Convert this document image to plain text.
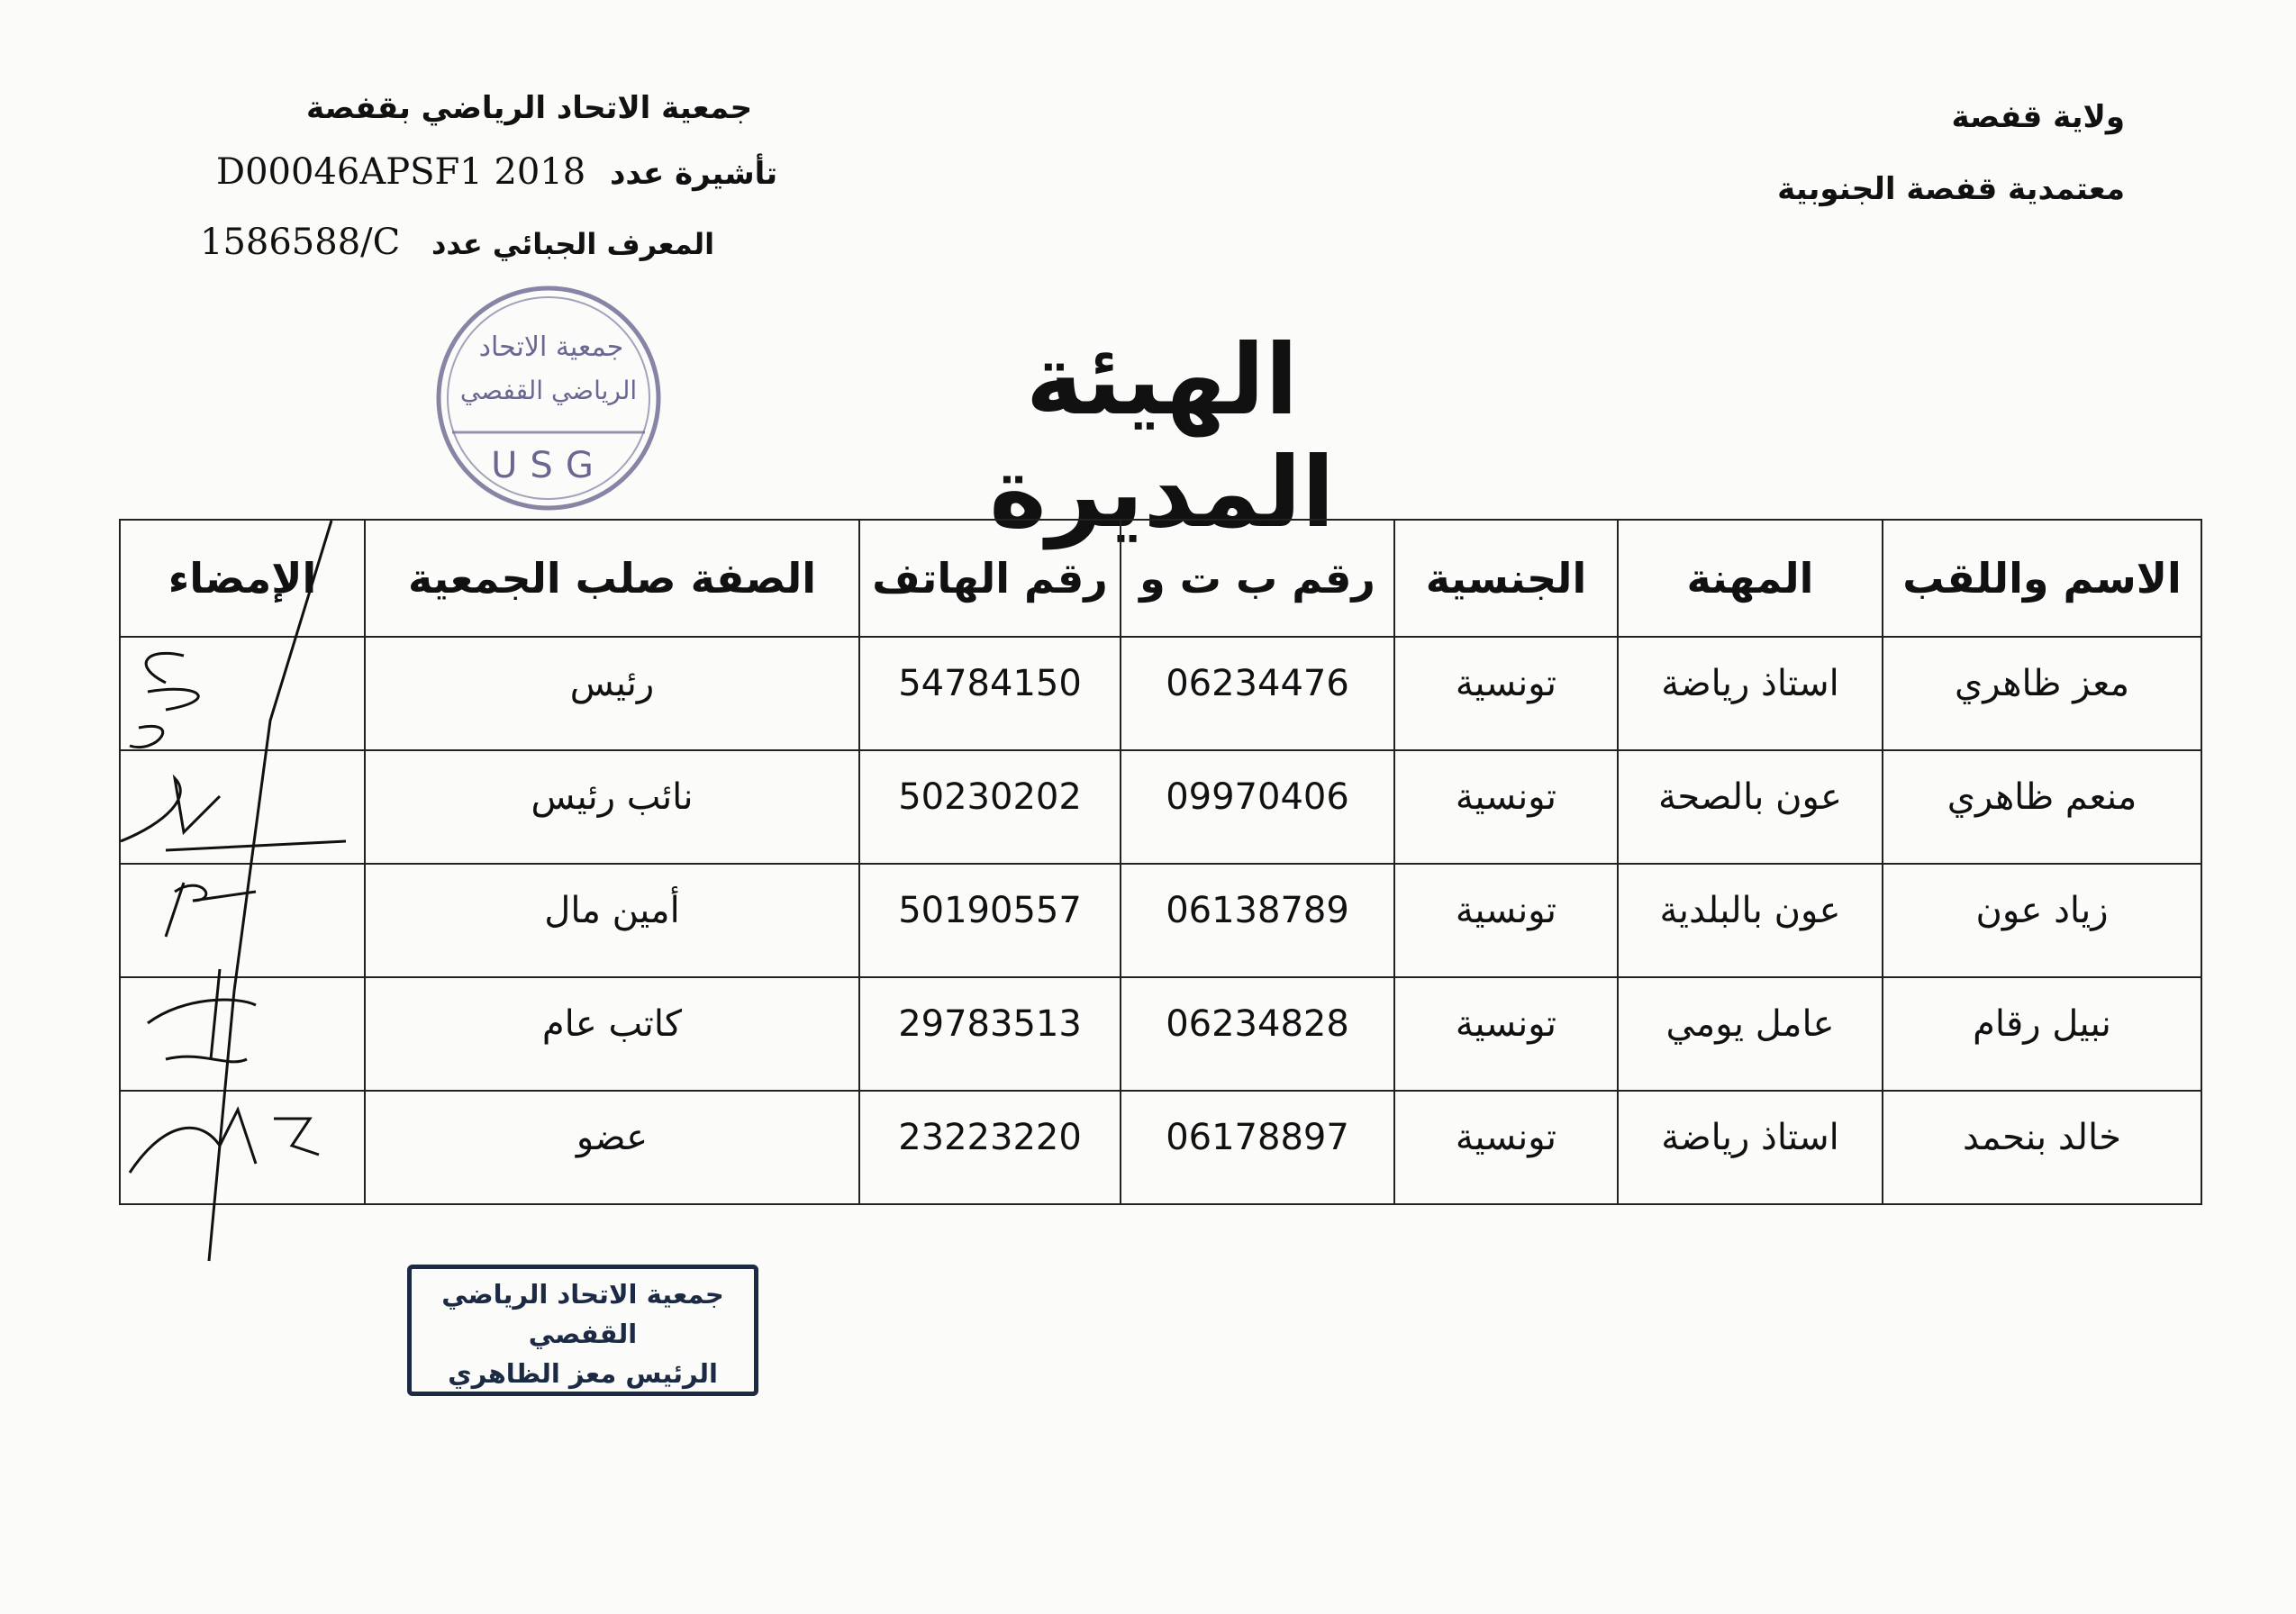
جمعية الاتحاد الرياضي بقفصة
D00046APSF1 2018 تأشيرة عدد
1586588/C المعرف الجبائي عدد
ولاية قفصة
معتمدية قفصة الجنوبية
جمعية الاتحاد
الرياضي القفصي
USG
الهيئة المديرة
الاسم واللقب	المهنة	الجنسية	رقم ب ت و	رقم الهاتف	الصفة صلب الجمعية	الإمضاء
معز ظاهري	استاذ رياضة	تونسية	06234476	54784150	رئيس	

منعم ظاهري	عون بالصحة	تونسية	09970406	50230202	نائب رئيس	

زياد عون	عون بالبلدية	تونسية	06138789	50190557	أمين مال	

نبيل رقام	عامل يومي	تونسية	06234828	29783513	كاتب عام	

خالد بنحمد	استاذ رياضة	تونسية	06178897	23223220	عضو	
جمعية الاتحاد الرياضي
القفصي
الرئيس معز الظاهري
